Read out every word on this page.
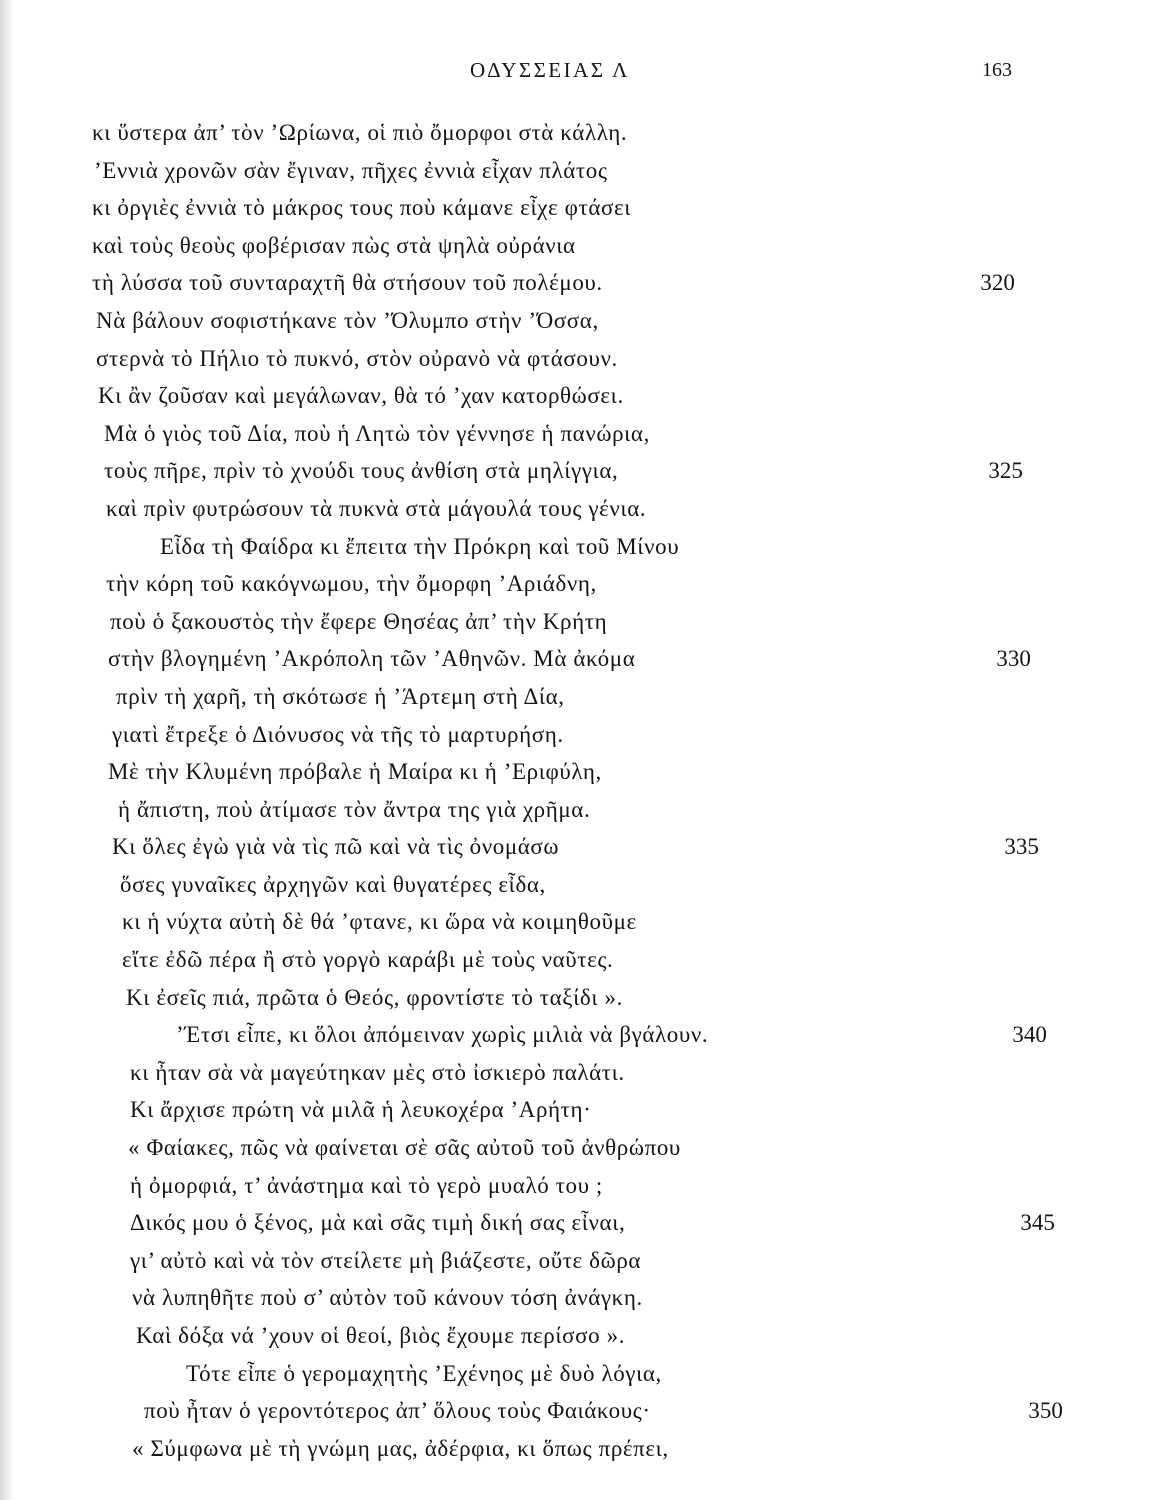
ΟΔΥΣΣΕΙΑΣ Λ	163
κι ὕστερα ἀπ’ τὸν ’Ωρίωνα, οἱ πιὸ ὄμορφοι στὰ κάλλη.
’Εννιὰ χρονῶν σὰν ἔγιναν, πῆχες ἐννιὰ εἶχαν πλάτος
κι ὀργιὲς ἐννιὰ τὸ μάκρος τους ποὺ κάμανε εἶχε φτάσει
καὶ τοὺς θεοὺς φοβέρισαν πὼς στὰ ψηλὰ οὐράνια
τὴ λύσσα τοῦ συνταραχτῆ θὰ στήσουν τοῦ πολέμου.	320
Νὰ βάλουν σοφιστήκανε τὸν ’Όλυμπο στὴν ’Όσσα,
στερνὰ τὸ Πήλιο τὸ πυκνό, στὸν οὐρανὸ νὰ φτάσουν.
Κι ἂν ζοῦσαν καὶ μεγάλωναν, θὰ τό ’χαν κατορθώσει.
Μὰ ὁ γιὸς τοῦ Δία, ποὺ ἡ Λητὼ τὸν γέννησε ἡ πανώρια,
τοὺς πῆρε, πρὶν τὸ χνούδι τους ἀνθίση στὰ μηλίγγια,	325
καὶ πρὶν φυτρώσουν τὰ πυκνὰ στὰ μάγουλά τους γένια.
Εἶδα τὴ Φαίδρα κι ἔπειτα τὴν Πρόκρη καὶ τοῦ Μίνου
τὴν κόρη τοῦ κακόγνωμου, τὴν ὄμορφη ’Αριάδνη,
ποὺ ὁ ξακουστὸς τὴν ἔφερε Θησέας ἀπ’ τὴν Κρήτη
στὴν βλογημένη ’Ακρόπολη τῶν ’Αθηνῶν. Μὰ ἀκόμα	330
πρὶν τὴ χαρῆ, τὴ σκότωσε ἡ ’Άρτεμη στὴ Δία,
γιατὶ ἔτρεξε ὁ Διόνυσος νὰ τῆς τὸ μαρτυρήση.
Μὲ τὴν Κλυμένη πρόβαλε ἡ Μαίρα κι ἡ ’Εριφύλη,
ἡ ἄπιστη, ποὺ ἀτίμασε τὸν ἄντρα της γιὰ χρῆμα.
Κι ὅλες ἐγὼ γιὰ νὰ τὶς πῶ καὶ νὰ τὶς ὀνομάσω	335
ὅσες γυναῖκες ἀρχηγῶν καὶ θυγατέρες εἶδα,
κι ἡ νύχτα αὐτὴ δὲ θά ’φτανε, κι ὥρα νὰ κοιμηθοῦμε
εἴτε ἐδῶ πέρα ἢ στὸ γοργὸ καράβι μὲ τοὺς ναῦτες.
Κι ἐσεῖς πιά, πρῶτα ὁ Θεός, φροντίστε τὸ ταξίδι ».
’Έτσι εἶπε, κι ὅλοι ἀπόμειναν χωρὶς μιλιὰ νὰ βγάλουν.	340
κι ἦταν σὰ νὰ μαγεύτηκαν μὲς στὸ ἰσκιερὸ παλάτι.
Κι ἄρχισε πρώτη νὰ μιλᾶ ἡ λευκοχέρα ’Αρήτη·
« Φαίακες, πῶς νὰ φαίνεται σὲ σᾶς αὐτοῦ τοῦ ἀνθρώπου
ἡ ὀμορφιά, τ’ ἀνάστημα καὶ τὸ γερὸ μυαλό του ;
Δικός μου ὁ ξένος, μὰ καὶ σᾶς τιμὴ δική σας εἶναι,	345
γι’ αὐτὸ καὶ νὰ τὸν στείλετε μὴ βιάζεστε, οὔτε δῶρα
νὰ λυπηθῆτε ποὺ σ’ αὐτὸν τοῦ κάνουν τόση ἀνάγκη.
Καὶ δόξα νά ’χουν οἱ θεοί, βιὸς ἔχουμε περίσσο ».
Τότε εἶπε ὁ γερομαχητὴς ’Εχένηος μὲ δυὸ λόγια,
ποὺ ἦταν ὁ γεροντότερος ἀπ’ ὅλους τοὺς Φαιάκους·	350
« Σύμφωνα μὲ τὴ γνώμη μας, ἀδέρφια, κι ὅπως πρέπει,
